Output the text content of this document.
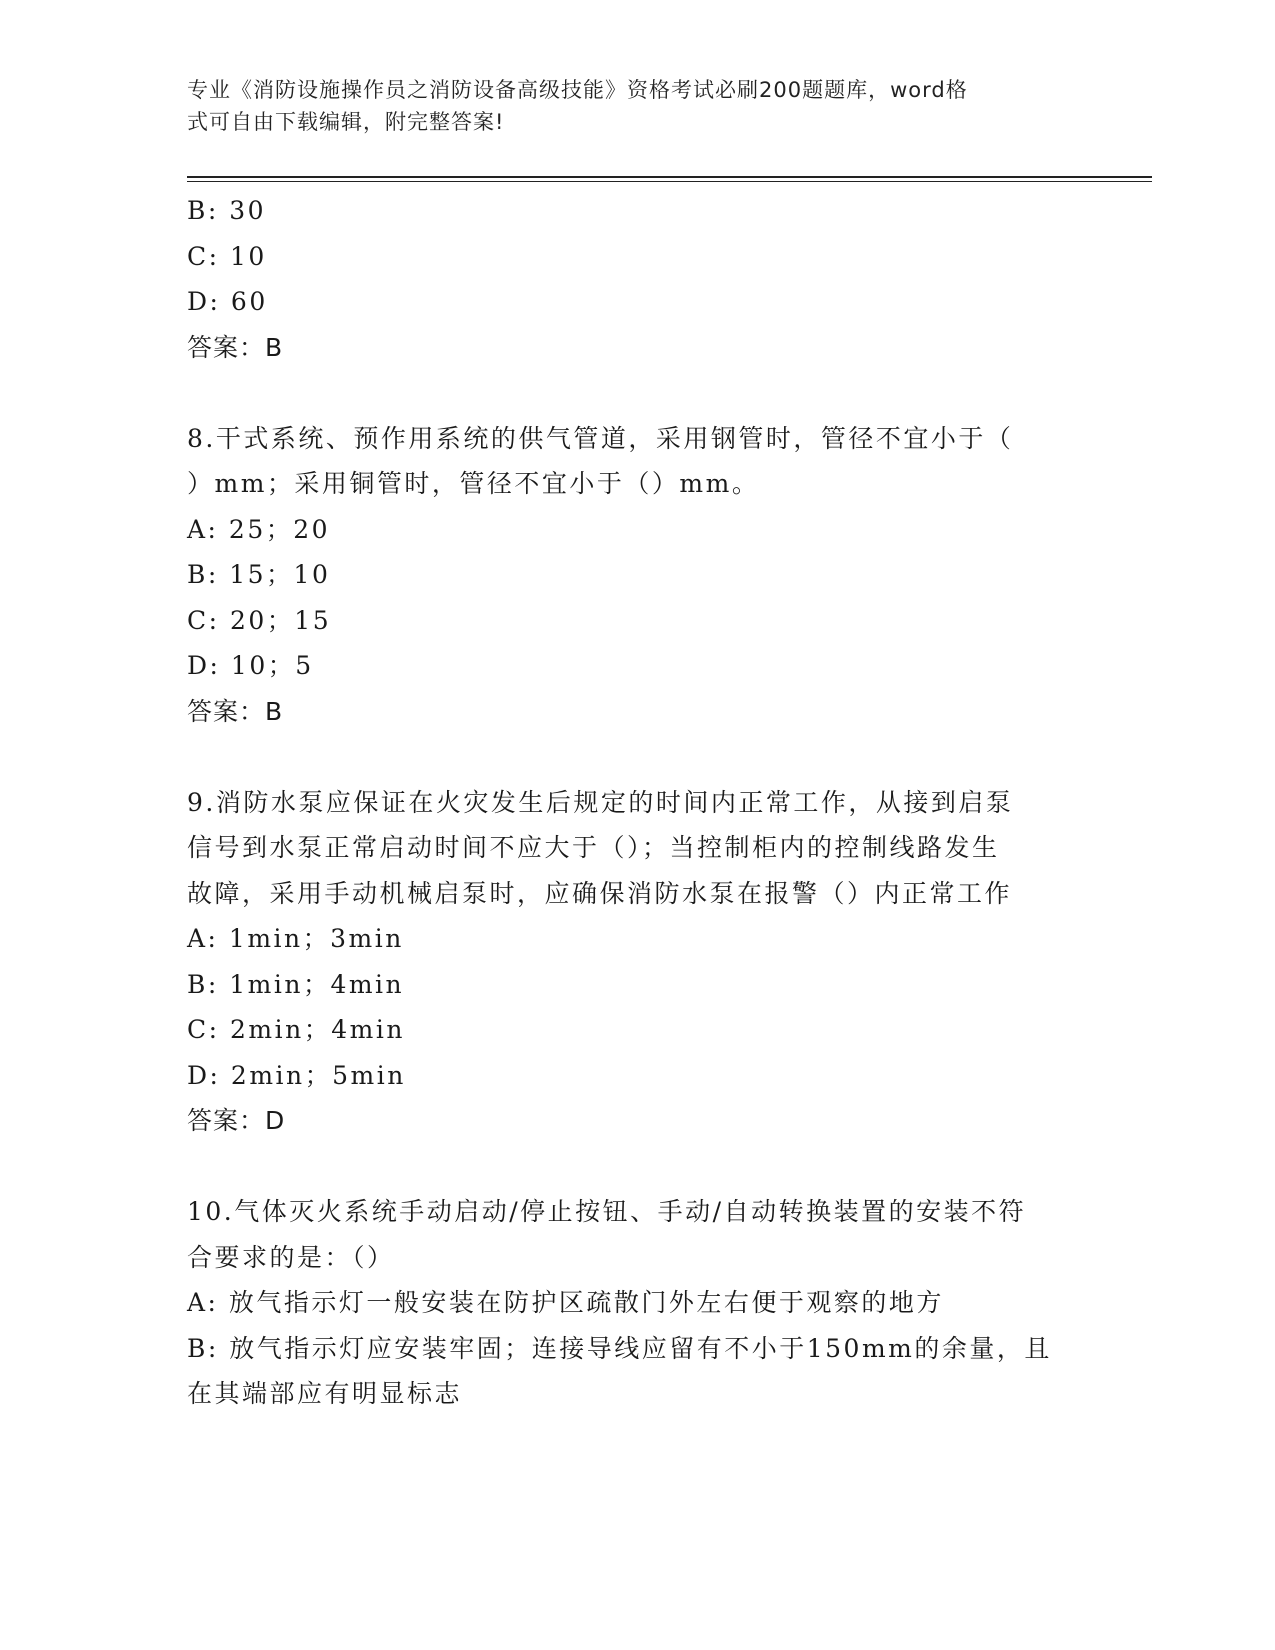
专业《消防设施操作员之消防设备高级技能》资格考试必刷200题题库，word格
式可自由下载编辑，附完整答案!
B: 30
C: 10
D: 60
答案：B
8.干式系统、预作用系统的供气管道，采用钢管时，管径不宜小于（
）mm；采用铜管时，管径不宜小于（）mm。
A: 25；20
B: 15；10
C: 20；15
D: 10；5
答案：B
9.消防水泵应保证在火灾发生后规定的时间内正常工作，从接到启泵
信号到水泵正常启动时间不应大于（）；当控制柜内的控制线路发生
故障，采用手动机械启泵时，应确保消防水泵在报警（）内正常工作
A: 1min；3min
B: 1min；4min
C: 2min；4min
D: 2min；5min
答案：D
10.气体灭火系统手动启动/停止按钮、手动/自动转换装置的安装不符
合要求的是：（）
A: 放气指示灯一般安装在防护区疏散门外左右便于观察的地方
B: 放气指示灯应安装牢固；连接导线应留有不小于150mm的余量，且
在其端部应有明显标志
